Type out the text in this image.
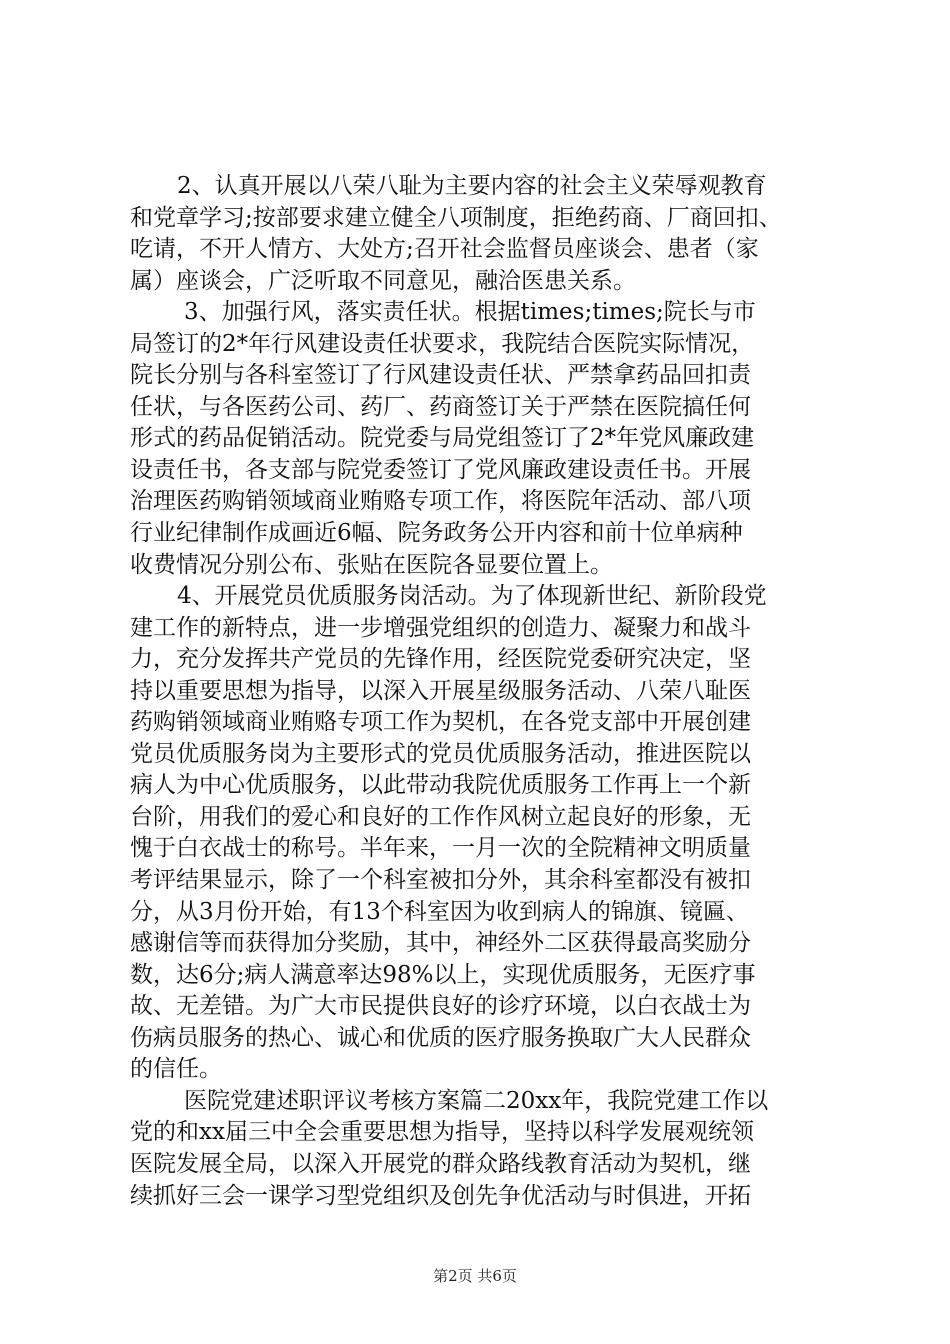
2、认真开展以八荣八耻为主要内容的社会主义荣辱观教育
和党章学习;按部要求建立健全八项制度，拒绝药商、厂商回扣、
吃请，不开人情方、大处方;召开社会监督员座谈会、患者（家
属）座谈会，广泛听取不同意见，融洽医患关系。
3、加强行风，落实责任状。根据times;times;院长与市
局签订的2*年行风建设责任状要求，我院结合医院实际情况，
院长分别与各科室签订了行风建设责任状、严禁拿药品回扣责
任状，与各医药公司、药厂、药商签订关于严禁在医院搞任何
形式的药品促销活动。院党委与局党组签订了2*年党风廉政建
设责任书，各支部与院党委签订了党风廉政建设责任书。开展
治理医药购销领域商业贿赂专项工作，将医院年活动、部八项
行业纪律制作成画近6幅、院务政务公开内容和前十位单病种
收费情况分别公布、张贴在医院各显要位置上。
4、开展党员优质服务岗活动。为了体现新世纪、新阶段党
建工作的新特点，进一步增强党组织的创造力、凝聚力和战斗
力，充分发挥共产党员的先锋作用，经医院党委研究决定，坚
持以重要思想为指导，以深入开展星级服务活动、八荣八耻医
药购销领域商业贿赂专项工作为契机，在各党支部中开展创建
党员优质服务岗为主要形式的党员优质服务活动，推进医院以
病人为中心优质服务，以此带动我院优质服务工作再上一个新
台阶，用我们的爱心和良好的工作作风树立起良好的形象，无
愧于白衣战士的称号。半年来，一月一次的全院精神文明质量
考评结果显示，除了一个科室被扣分外，其余科室都没有被扣
分，从3月份开始，有13个科室因为收到病人的锦旗、镜匾、
感谢信等而获得加分奖励，其中，神经外二区获得最高奖励分
数，达6分;病人满意率达98%以上，实现优质服务，无医疗事
故、无差错。为广大市民提供良好的诊疗环境，以白衣战士为
伤病员服务的热心、诚心和优质的医疗服务换取广大人民群众
的信任。
医院党建述职评议考核方案篇二20xx年，我院党建工作以
党的和xx届三中全会重要思想为指导，坚持以科学发展观统领
医院发展全局，以深入开展党的群众路线教育活动为契机，继
续抓好三会一课学习型党组织及创先争优活动与时俱进，开拓
第2页 共6页
